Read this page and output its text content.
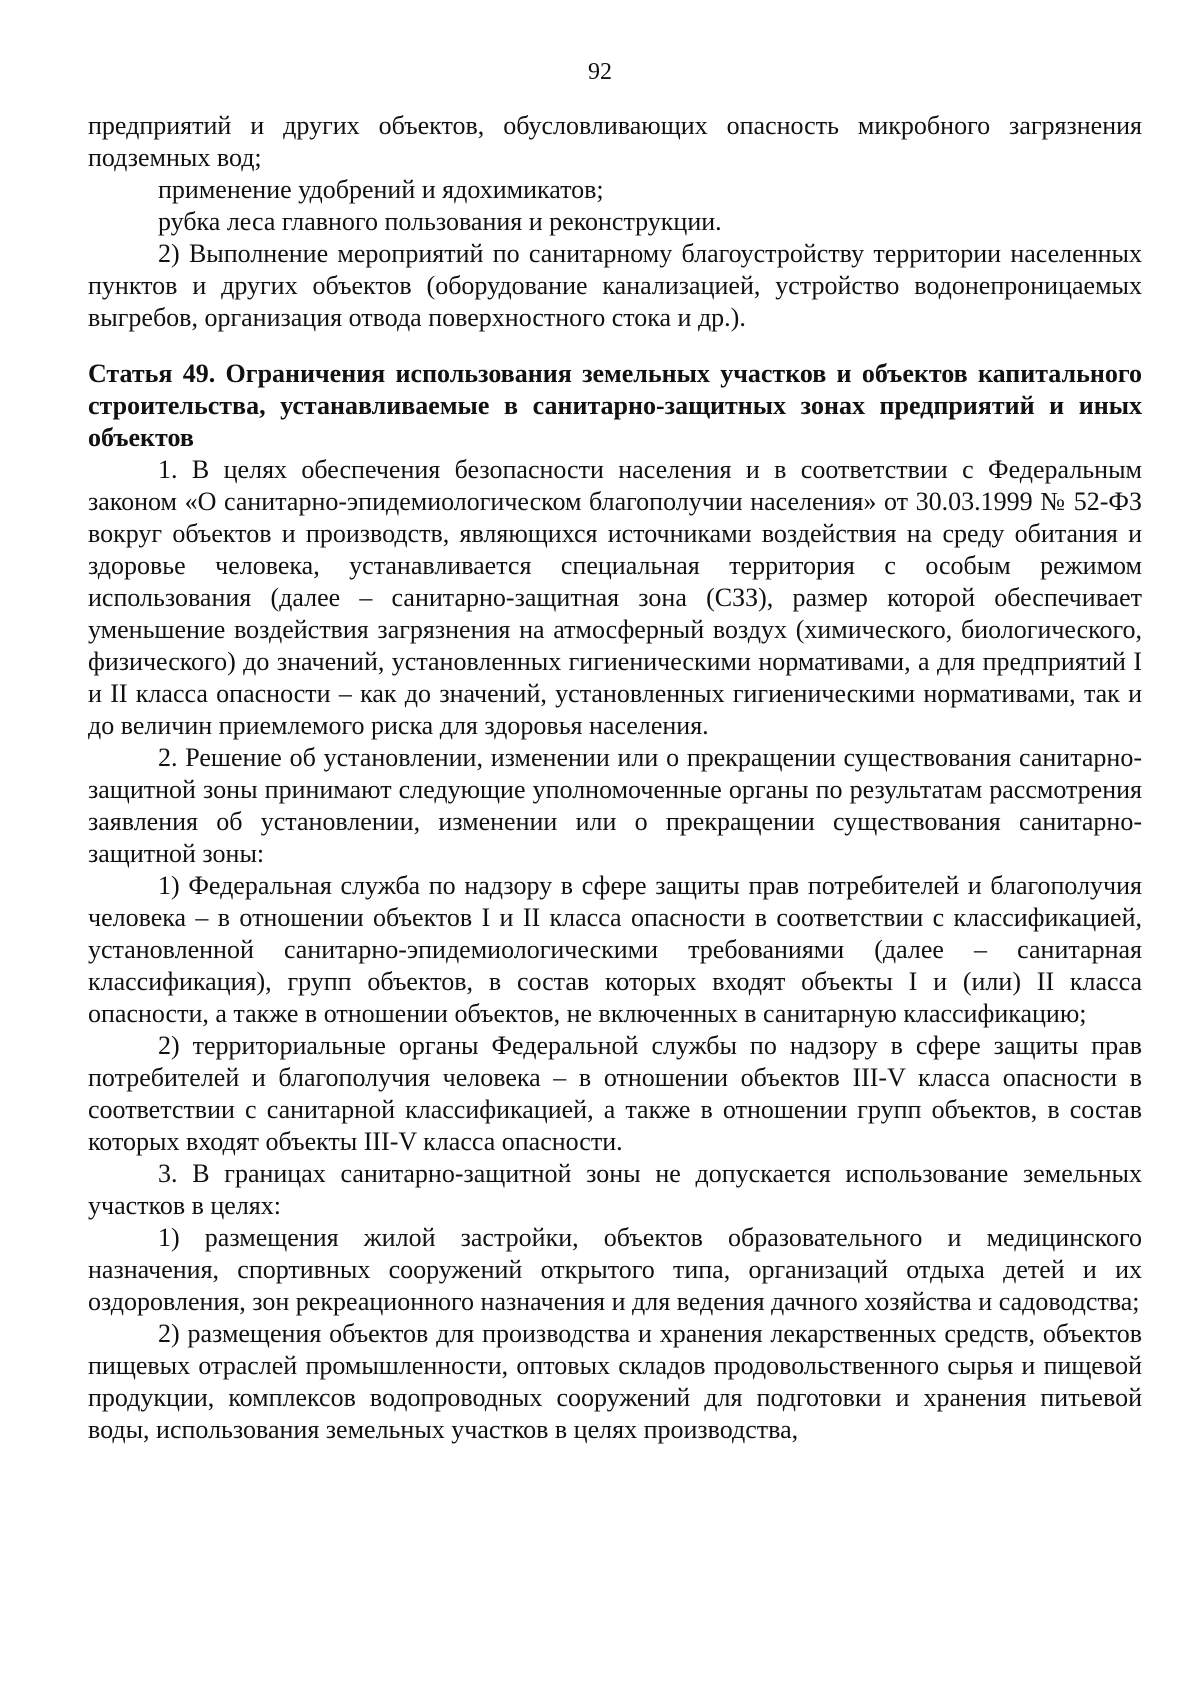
92

предприятий и других объектов, обусловливающих опасность микробного загрязнения подземных вод;

применение удобрений и ядохимикатов;

рубка леса главного пользования и реконструкции.

2) Выполнение мероприятий по санитарному благоустройству территории населенных пунктов и других объектов (оборудование канализацией, устройство водонепроницаемых выгребов, организация отвода поверхностного стока и др.).

Статья 49. Ограничения использования земельных участков и объектов капитального строительства, устанавливаемые в санитарно-защитных зонах предприятий и иных объектов

1. В целях обеспечения безопасности населения и в соответствии с Федеральным законом «О санитарно-эпидемиологическом благополучии населения» от 30.03.1999 № 52-ФЗ вокруг объектов и производств, являющихся источниками воздействия на среду обитания и здоровье человека, устанавливается специальная территория с особым режимом использования (далее – санитарно-защитная зона (СЗЗ), размер которой обеспечивает уменьшение воздействия загрязнения на атмосферный воздух (химического, биологического, физического) до значений, установленных гигиеническими нормативами, а для предприятий I и II класса опасности – как до значений, установленных гигиеническими нормативами, так и до величин приемлемого риска для здоровья населения.

2. Решение об установлении, изменении или о прекращении существования санитарно-защитной зоны принимают следующие уполномоченные органы по результатам рассмотрения заявления об установлении, изменении или о прекращении существования санитарно-защитной зоны:

1) Федеральная служба по надзору в сфере защиты прав потребителей и благополучия человека – в отношении объектов I и II класса опасности в соответствии с классификацией, установленной санитарно-эпидемиологическими требованиями (далее – санитарная классификация), групп объектов, в состав которых входят объекты I и (или) II класса опасности, а также в отношении объектов, не включенных в санитарную классификацию;

2) территориальные органы Федеральной службы по надзору в сфере защиты прав потребителей и благополучия человека – в отношении объектов III-V класса опасности в соответствии с санитарной классификацией, а также в отношении групп объектов, в состав которых входят объекты III-V класса опасности.

3. В границах санитарно-защитной зоны не допускается использование земельных участков в целях:

1) размещения жилой застройки, объектов образовательного и медицинского назначения, спортивных сооружений открытого типа, организаций отдыха детей и их оздоровления, зон рекреационного назначения и для ведения дачного хозяйства и садоводства;

2) размещения объектов для производства и хранения лекарственных средств, объектов пищевых отраслей промышленности, оптовых складов продовольственного сырья и пищевой продукции, комплексов водопроводных сооружений для подготовки и хранения питьевой воды, использования земельных участков в целях производства,
